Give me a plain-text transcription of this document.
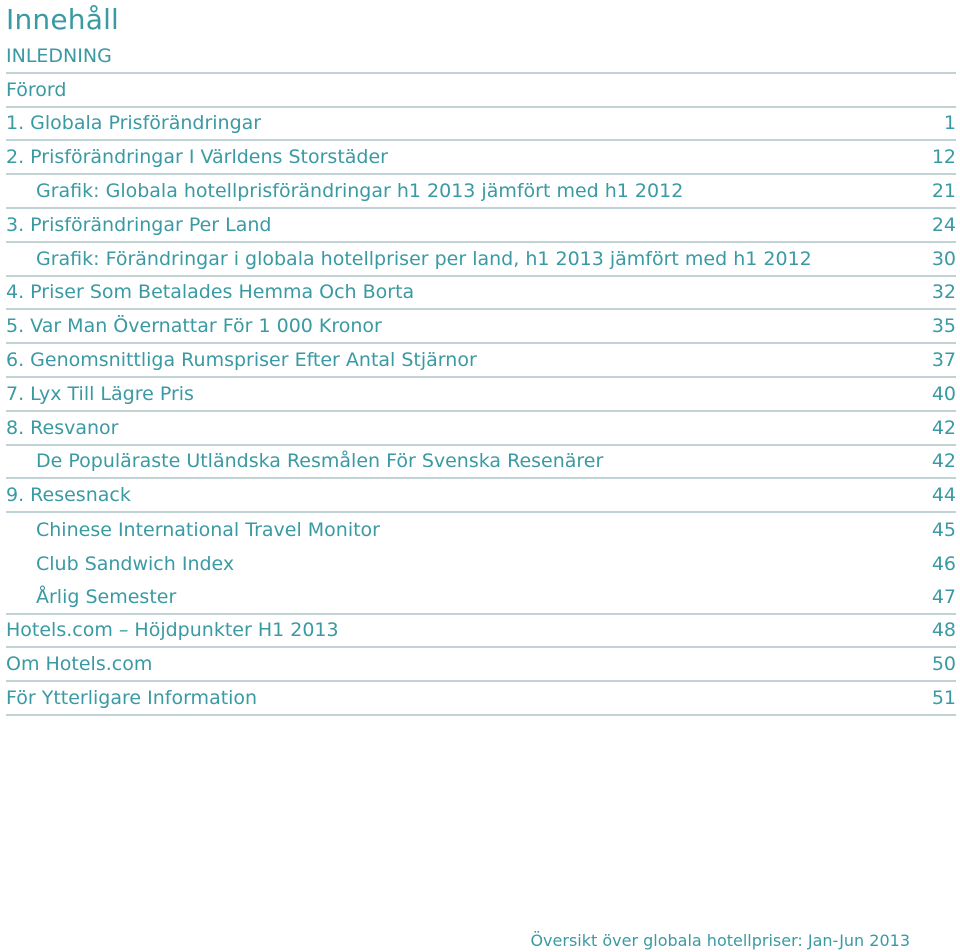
Innehåll
INLEDNING
Förord
1. Globala Prisförändringar	1
2. Prisförändringar I Världens Storstäder	12
Grafik: Globala hotellprisförändringar h1 2013 jämfört med h1 2012	21
3. Prisförändringar Per Land	24
Grafik: Förändringar i globala hotellpriser per land, h1 2013 jämfört med h1 2012	30
4. Priser Som Betalades Hemma Och Borta	32
5. Var Man Övernattar För 1 000 Kronor	35
6. Genomsnittliga Rumspriser Efter Antal Stjärnor	37
7. Lyx Till Lägre Pris	40
8. Resvanor	42
De Populäraste Utländska Resmålen För Svenska Resenärer	42
9. Resesnack	44
Chinese International Travel Monitor	45
Club Sandwich Index	46
Årlig Semester	47
Hotels.com – Höjdpunkter H1 2013	48
Om Hotels.com	50
För Ytterligare Information	51
Översikt över globala hotellpriser: Jan-Jun 2013
